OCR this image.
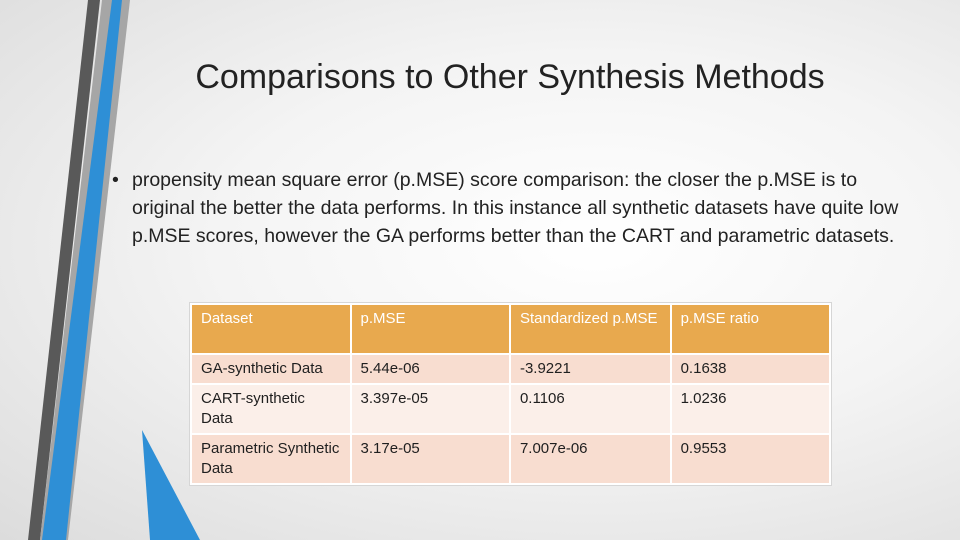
Comparisons to Other Synthesis Methods
• propensity mean square error (p.MSE) score comparison: the closer the p.MSE is to original the better the data performs. In this instance all synthetic datasets have quite low p.MSE scores, however the GA performs better than the CART and parametric datasets.
Dataset	p.MSE	Standardized p.MSE	p.MSE ratio
GA-synthetic Data	5.44e-06	-3.9221	0.1638
CART-synthetic Data	3.397e-05	0.1106	1.0236
Parametric Synthetic Data	3.17e-05	7.007e-06	0.9553
